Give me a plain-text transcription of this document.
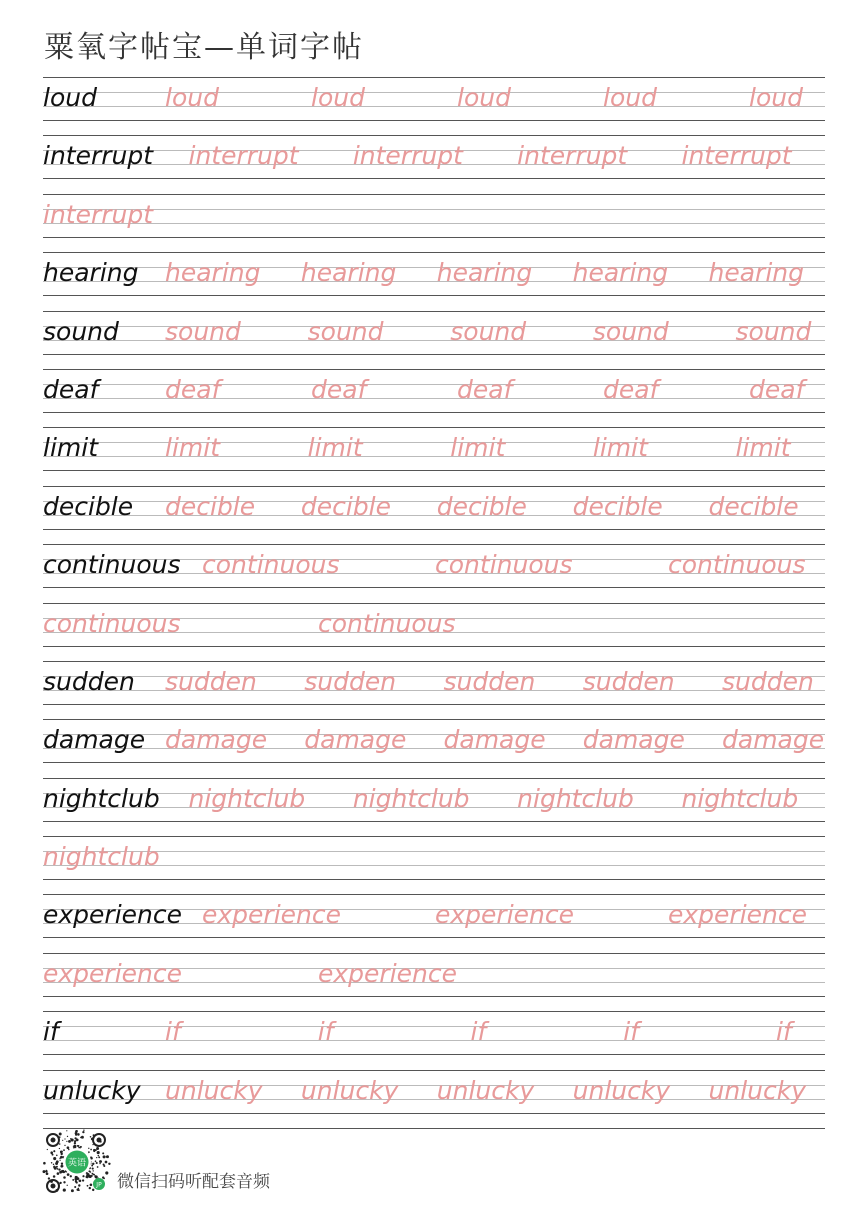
粟氧字帖宝—单词字帖
loud	loud	loud	loud	loud	loud
interrupt interrupt interrupt interrupt interrupt
interrupt
hearing hearing hearing hearing hearing hearing
sound sound	sound	sound	sound	sound
deaf	deaf	deaf	deaf	deaf	deaf
limit	limit	limit	limit	limit	limit
decible decible decible decible decible decible
continuous continuous	continuous	continuous
continuous	continuous
sudden sudden sudden sudden sudden sudden
damage damage damage damage damage damage
nightclub nightclub nightclub nightclub nightclub
nightclub
experience experience	experience	experience
experience	experience
if	if	if	if	if	if
unlucky unlucky unlucky unlucky unlucky unlucky
英语
JP 微信扫码听配套音频
